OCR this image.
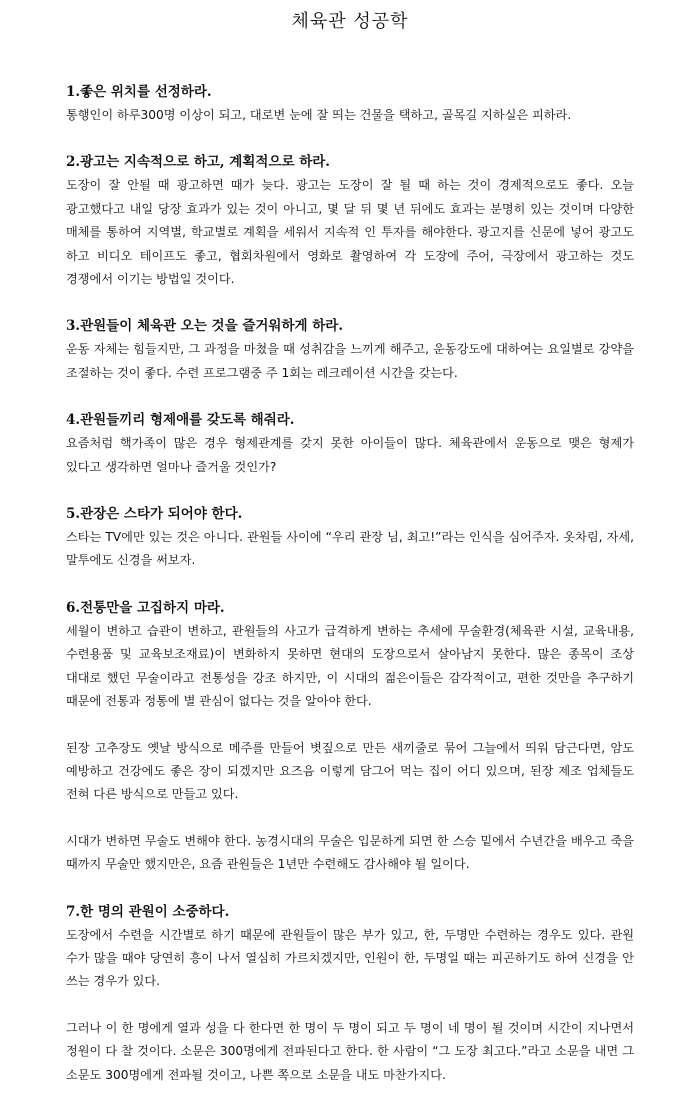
체육관 성공학

1.좋은 위치를 선정하라.

통행인이 하루300명 이상이 되고, 대로변 눈에 잘 띄는 건물을 택하고, 골목길 지하실은 피하라.

2.광고는 지속적으로 하고, 계획적으로 하라.

도장이 잘 안될 때 광고하면 때가 늦다. 광고는 도장이 잘 될 때 하는 것이 경제적으로도 좋다. 오늘 광고했다고 내일 당장 효과가 있는 것이 아니고, 몇 달 뒤 몇 년 뒤에도 효과는 분명히 있는 것이며 다양한 매체를 통하여 지역별, 학교별로 계획을 세워서 지속적 인 투자를 해야한다. 광고지를 신문에 넣어 광고도 하고 비디오 테이프도 좋고, 협회차원에서 영화로 촬영하여 각 도장에 주어, 극장에서 광고하는 것도 경쟁에서 이기는 방법일 것이다.

3.관원들이 체육관 오는 것을 즐거워하게 하라.

운동 자체는 힘들지만, 그 과정을 마쳤을 때 성취감을 느끼게 해주고, 운동강도에 대하여는 요일별로 강약을 조절하는 것이 좋다. 수련 프로그램중 주 1회는 레크레이션 시간을 갖는다.

4.관원들끼리 형제애를 갖도록 해줘라.

요즘처럼 핵가족이 많은 경우 형제관계를 갖지 못한 아이들이 많다. 체육관에서 운동으로 맺은 형제가 있다고 생각하면 얼마나 즐거울 것인가?

5.관장은 스타가 되어야 한다.

스타는 TV에만 있는 것은 아니다. 관원들 사이에 “우리 관장 님, 최고!”라는 인식을 심어주자. 옷차림, 자세, 말투에도 신경을 써보자.

6.전통만을 고집하지 마라.

세월이 변하고 습관이 변하고, 관원들의 사고가 급격하게 변하는 추세에 무술환경(체육관 시설, 교육내용, 수련용품 및 교육보조재료)이 변화하지 못하면 현대의 도장으로서 살아남지 못한다. 많은 종목이 조상 대대로 했던 무술이라고 전통성을 강조 하지만, 이 시대의 젊은이들은 감각적이고, 편한 것만을 추구하기 때문에 전통과 정통에 별 관심이 없다는 것을 알아야 한다.

된장 고추장도 옛날 방식으로 메주를 만들어 볏짚으로 만든 새끼줄로 묶어 그늘에서 띄워 담근다면, 암도 예방하고 건강에도 좋은 장이 되겠지만 요즈음 이렇게 담그어 먹는 집이 어디 있으며, 된장 제조 업체들도 전혀 다른 방식으로 만들고 있다.

시대가 변하면 무술도 변해야 한다. 농경시대의 무술은 입문하게 되면 한 스승 밑에서 수년간을 배우고 죽을 때까지 무술만 했지만은, 요즘 관원들은 1년만 수련해도 감사해야 될 일이다.

7.한 명의 관원이 소중하다.

도장에서 수련을 시간별로 하기 때문에 관원들이 많은 부가 있고, 한, 두명만 수련하는 경우도 있다. 관원 수가 많을 때야 당연히 흥이 나서 열심히 가르치겠지만, 인원이 한, 두명일 때는 피곤하기도 하여 신경을 안 쓰는 경우가 있다.

그러나 이 한 명에게 열과 성을 다 한다면 한 명이 두 명이 되고 두 명이 네 명이 될 것이며 시간이 지나면서 정원이 다 찰 것이다. 소문은 300명에게 전파된다고 한다. 한 사람이 “그 도장 최고다.”라고 소문을 내면 그 소문도 300명에게 전파될 것이고, 나쁜 쪽으로 소문을 내도 마찬가지다.
